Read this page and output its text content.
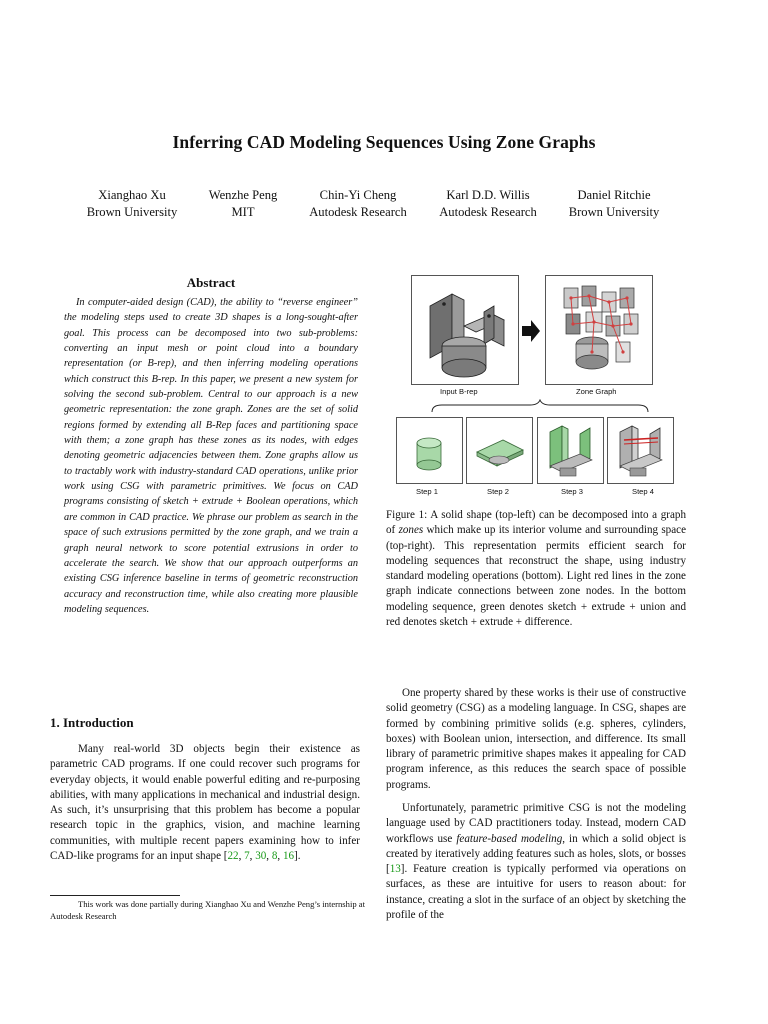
Inferring CAD Modeling Sequences Using Zone Graphs
Xianghao Xu
Brown University
Wenzhe Peng
MIT
Chin-Yi Cheng
Autodesk Research
Karl D.D. Willis
Autodesk Research
Daniel Ritchie
Brown University
Abstract
In computer-aided design (CAD), the ability to “reverse engineer” the modeling steps used to create 3D shapes is a long-sought-after goal. This process can be decomposed into two sub-problems: converting an input mesh or point cloud into a boundary representation (or B-rep), and then inferring modeling operations which construct this B-rep. In this paper, we present a new system for solving the second sub-problem. Central to our approach is a new geometric representation: the zone graph. Zones are the set of solid regions formed by extending all B-Rep faces and partitioning space with them; a zone graph has these zones as its nodes, with edges denoting geometric adjacencies between them. Zone graphs allow us to tractably work with industry-standard CAD operations, unlike prior work using CSG with parametric primitives. We focus on CAD programs consisting of sketch + extrude + Boolean operations, which are common in CAD practice. We phrase our problem as search in the space of such extrusions permitted by the zone graph, and we train a graph neural network to score potential extrusions in order to accelerate the search. We show that our approach outperforms an existing CSG inference baseline in terms of geometric reconstruction accuracy and reconstruction time, while also creating more plausible modeling sequences.
1. Introduction
Many real-world 3D objects begin their existence as parametric CAD programs. If one could recover such programs for everyday objects, it would enable powerful editing and re-purposing abilities, with many applications in mechanical and industrial design. As such, it’s unsurprising that this problem has become a popular research topic in the graphics, vision, and machine learning communities, with multiple recent papers examining how to infer CAD-like programs for an input shape [22, 7, 30, 8, 16].
This work was done partially during Xianghao Xu and Wenzhe Peng’s internship at Autodesk Research
Input B-rep	Zone Graph
Step 1	Step 2	Step 3	Step 4
Figure 1: A solid shape (top-left) can be decomposed into a graph of zones which make up its interior volume and surrounding space (top-right). This representation permits efficient search for modeling sequences that reconstruct the shape, using industry standard modeling operations (bottom). Light red lines in the zone graph indicate connections between zone nodes. In the bottom modeling sequence, green denotes sketch + extrude + union and red denotes sketch + extrude + difference.
One property shared by these works is their use of constructive solid geometry (CSG) as a modeling language. In CSG, shapes are formed by combining primitive solids (e.g. spheres, cylinders, boxes) with Boolean union, intersection, and difference. Its small library of parametric primitive shapes makes it appealing for CAD program inference, as this reduces the search space of possible programs.
Unfortunately, parametric primitive CSG is not the modeling language used by CAD practitioners today. Instead, modern CAD workflows use feature-based modeling, in which a solid object is created by iteratively adding features such as holes, slots, or bosses [13]. Feature creation is typically performed via operations on surfaces, as these are intuitive for users to reason about: for instance, creating a slot in the surface of an object by sketching the profile of the
